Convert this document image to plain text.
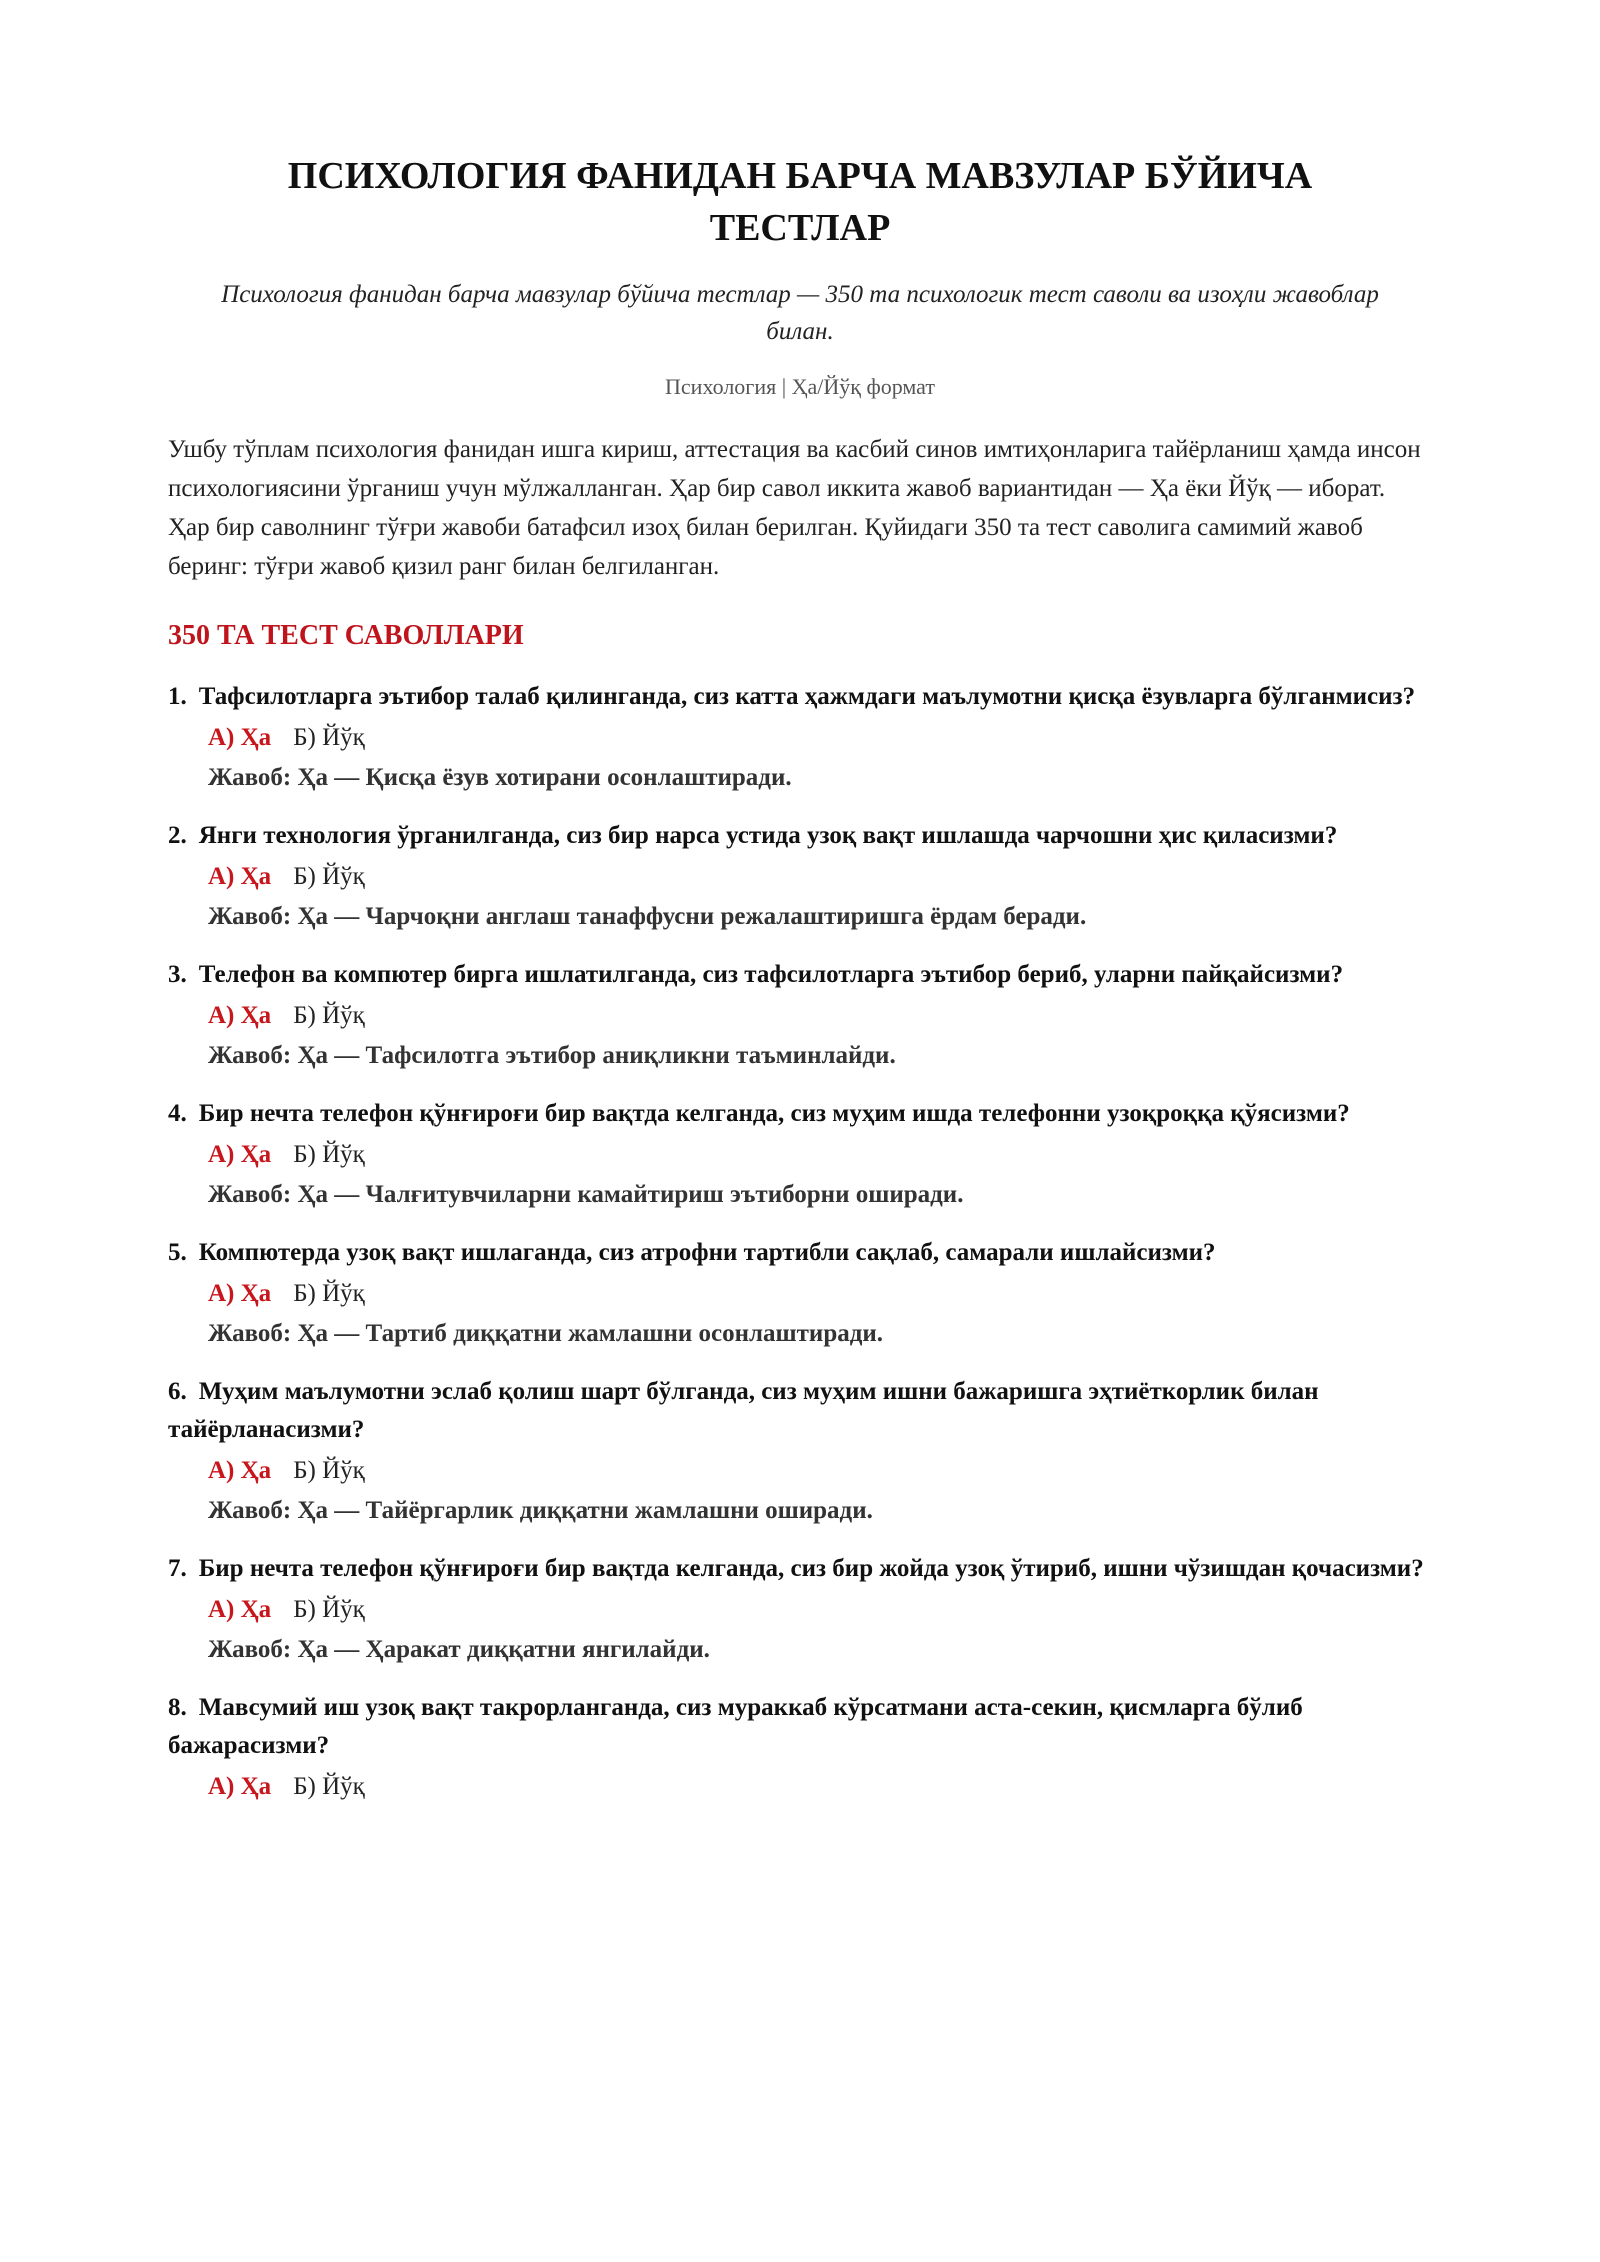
ПСИХОЛОГИЯ ФАНИДАН БАРЧА МАВЗУЛАР БЎЙИЧА ТЕСТЛАР
Психология фанидан барча мавзулар бўйича тестлар — 350 та психологик тест саволи ва изоҳли жавоблар билан.
Психология | Ҳа/Йўқ формат
Ушбу тўплам психология фанидан ишга кириш, аттестация ва касбий синов имтиҳонларига тайёрланиш ҳамда инсон психологиясини ўрганиш учун мўлжалланган. Ҳар бир савол иккита жавоб вариантидан — Ҳа ёки Йўқ — иборат. Ҳар бир саволнинг тўғри жавоби батафсил изоҳ билан берилган. Қуйидаги 350 та тест саволига самимий жавоб беринг: тўғри жавоб қизил ранг билан белгиланган.
350 ТА ТЕСТ САВОЛЛАРИ
1. Тафсилотларга эътибор талаб қилинганда, сиз катта ҳажмдаги маълумотни қисқа ёзувларга бўлганмисиз?
А) Ҳа Б) Йўқ
Жавоб: Ҳа — Қисқа ёзув хотирани осонлаштиради.
2. Янги технология ўрганилганда, сиз бир нарса устида узоқ вақт ишлашда чарчошни ҳис қиласизми?
А) Ҳа Б) Йўқ
Жавоб: Ҳа — Чарчоқни англаш танаффусни режалаштиришга ёрдам беради.
3. Телефон ва компютер бирга ишлатилганда, сиз тафсилотларга эътибор бериб, уларни пайқайсизми?
А) Ҳа Б) Йўқ
Жавоб: Ҳа — Тафсилотга эътибор аниқликни таъминлайди.
4. Бир нечта телефон қўнғироғи бир вақтда келганда, сиз муҳим ишда телефонни узоқроққа қўясизми?
А) Ҳа Б) Йўқ
Жавоб: Ҳа — Чалғитувчиларни камайтириш эътиборни оширади.
5. Компютерда узоқ вақт ишлаганда, сиз атрофни тартибли сақлаб, самарали ишлайсизми?
А) Ҳа Б) Йўқ
Жавоб: Ҳа — Тартиб диққатни жамлашни осонлаштиради.
6. Муҳим маълумотни эслаб қолиш шарт бўлганда, сиз муҳим ишни бажаришга эҳтиёткорлик билан тайёрланасизми?
А) Ҳа Б) Йўқ
Жавоб: Ҳа — Тайёргарлик диққатни жамлашни оширади.
7. Бир нечта телефон қўнғироғи бир вақтда келганда, сиз бир жойда узоқ ўтириб, ишни чўзишдан қочасизми?
А) Ҳа Б) Йўқ
Жавоб: Ҳа — Ҳаракат диққатни янгилайди.
8. Мавсумий иш узоқ вақт такрорланганда, сиз мураккаб кўрсатмани аста-секин, қисмларга бўлиб бажарасизми?
А) Ҳа Б) Йўқ
